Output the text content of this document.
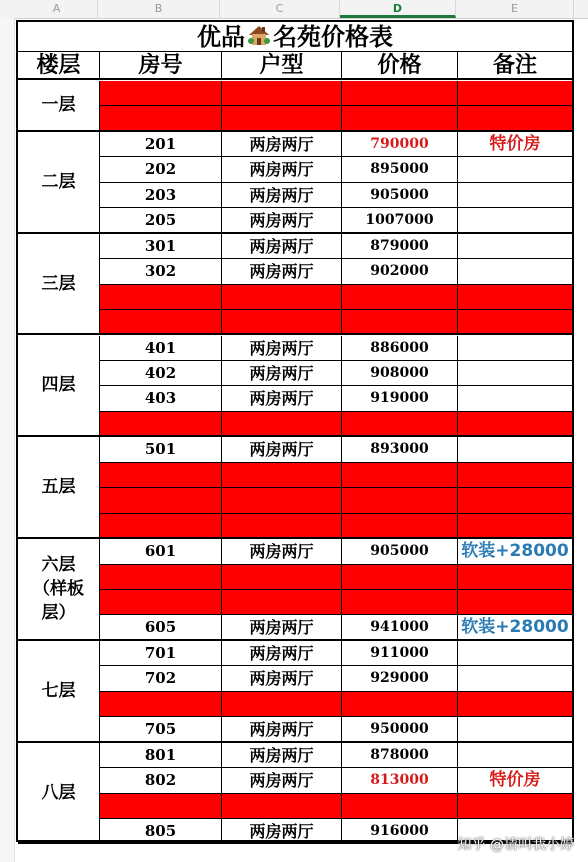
A	B	C	D	E
优品 名苑价格表
楼层	房号	户型	价格	备注
一层
二层
201	两房两厅	790000	特价房
202	两房两厅	895000
203	两房两厅	905000
205	两房两厅	1007000
三层
301	两房两厅	879000
302	两房两厅	902000
四层
401	两房两厅	886000
402	两房两厅	908000
403	两房两厅	919000
五层
501	两房两厅	893000
六层
（样板
层）
601	两房两厅	905000	软装+28000
605	两房两厅	941000	软装+28000
七层
701	两房两厅	911000
702	两房两厅	929000
705	两房两厅	950000
八层
801	两房两厅	878000
802	两房两厅	813000	特价房
805	两房两厅	916000
知乎 @请叫我小婷
